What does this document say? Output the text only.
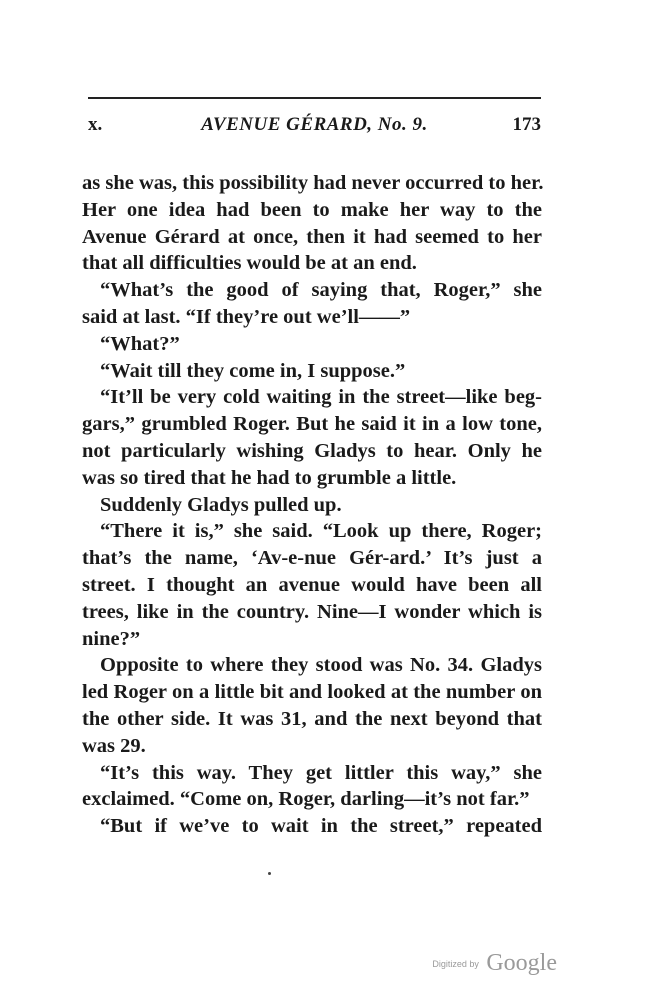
x.	AVENUE GÉRARD, No. 9.	173
as she was, this possibility had never occurred to her.
Her one idea had been to make her way to the
Avenue Gérard at once, then it had seemed to her
that all difficulties would be at an end.
“What’s the good of saying that, Roger,” she
said at last. “If they’re out we’ll——”
“What?”
“Wait till they come in, I suppose.”
“It’ll be very cold waiting in the street—like beg-
gars,” grumbled Roger. But he said it in a low tone,
not particularly wishing Gladys to hear. Only he
was so tired that he had to grumble a little.
Suddenly Gladys pulled up.
“There it is,” she said. “Look up there, Roger;
that’s the name, ‘Av-e-nue Gér-ard.’ It’s just a
street. I thought an avenue would have been all
trees, like in the country. Nine—I wonder which is
nine?”
Opposite to where they stood was No. 34. Gladys
led Roger on a little bit and looked at the number on
the other side. It was 31, and the next beyond that
was 29.
“It’s this way. They get littler this way,” she
exclaimed. “Come on, Roger, darling—it’s not far.”
“But if we’ve to wait in the street,” repeated
Digitized by Google
